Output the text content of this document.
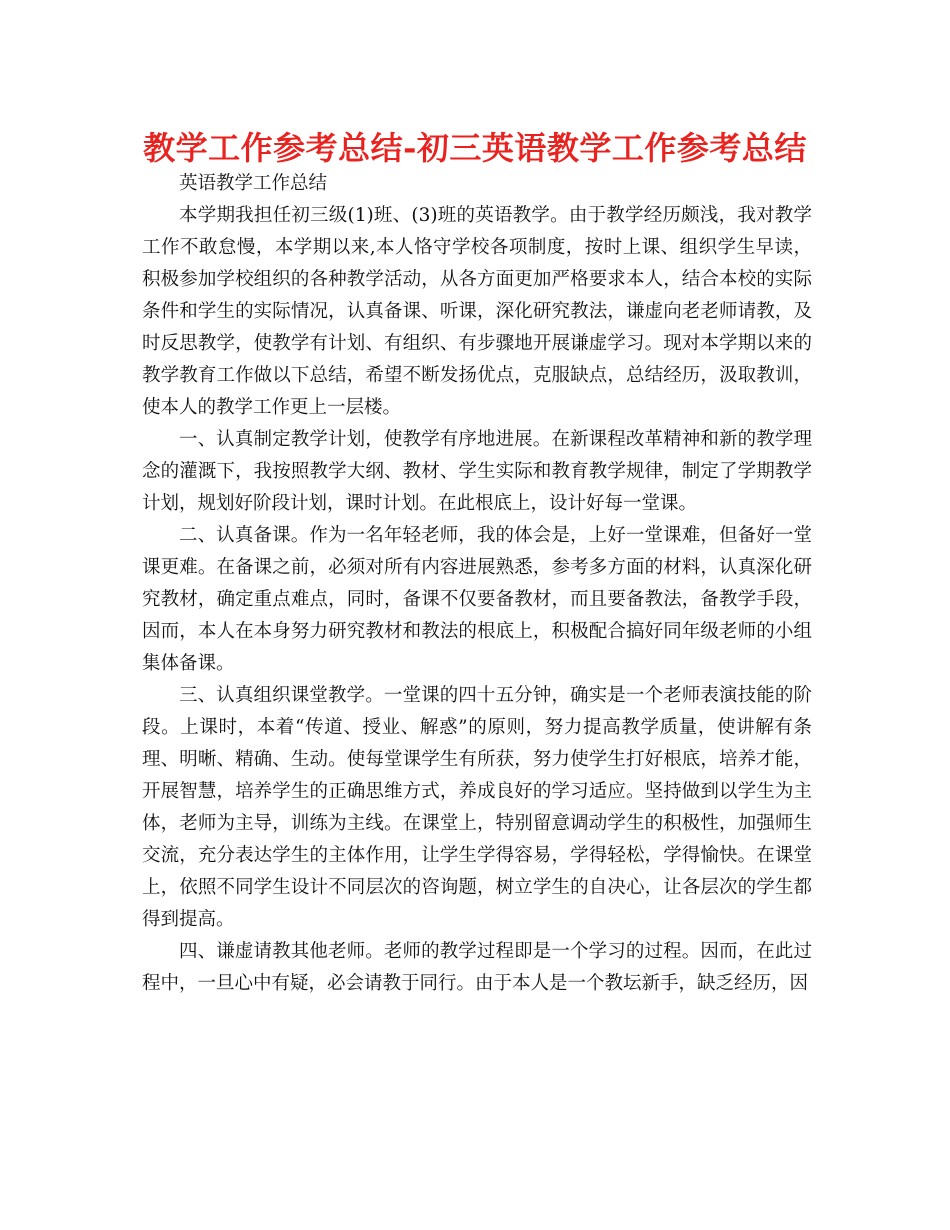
教学工作参考总结-初三英语教学工作参考总结

英语教学工作总结

本学期我担任初三级(1)班、(3)班的英语教学。由于教学经历颇浅，我对教学工作不敢怠慢，本学期以来,本人恪守学校各项制度，按时上课、组织学生早读，积极参加学校组织的各种教学活动，从各方面更加严格要求本人，结合本校的实际条件和学生的实际情况，认真备课、听课，深化研究教法，谦虚向老老师请教，及时反思教学，使教学有计划、有组织、有步骤地开展谦虚学习。现对本学期以来的教学教育工作做以下总结，希望不断发扬优点，克服缺点，总结经历，汲取教训，使本人的教学工作更上一层楼。

一、认真制定教学计划，使教学有序地进展。在新课程改革精神和新的教学理念的灌溉下，我按照教学大纲、教材、学生实际和教育教学规律，制定了学期教学计划，规划好阶段计划，课时计划。在此根底上，设计好每一堂课。

二、认真备课。作为一名年轻老师，我的体会是，上好一堂课难，但备好一堂课更难。在备课之前，必须对所有内容进展熟悉，参考多方面的材料，认真深化研究教材，确定重点难点，同时，备课不仅要备教材，而且要备教法，备教学手段，因而，本人在本身努力研究教材和教法的根底上，积极配合搞好同年级老师的小组集体备课。

三、认真组织课堂教学。一堂课的四十五分钟，确实是一个老师表演技能的阶段。上课时，本着“传道、授业、解惑”的原则，努力提高教学质量，使讲解有条理、明晰、精确、生动。使每堂课学生有所获，努力使学生打好根底，培养才能，开展智慧，培养学生的正确思维方式，养成良好的学习适应。坚持做到以学生为主体，老师为主导，训练为主线。在课堂上，特别留意调动学生的积极性，加强师生交流，充分表达学生的主体作用，让学生学得容易，学得轻松，学得愉快。在课堂上，依照不同学生设计不同层次的咨询题，树立学生的自决心，让各层次的学生都得到提高。

四、谦虚请教其他老师。老师的教学过程即是一个学习的过程。因而，在此过程中，一旦心中有疑，必会请教于同行。由于本人是一个教坛新手，缺乏经历，因
